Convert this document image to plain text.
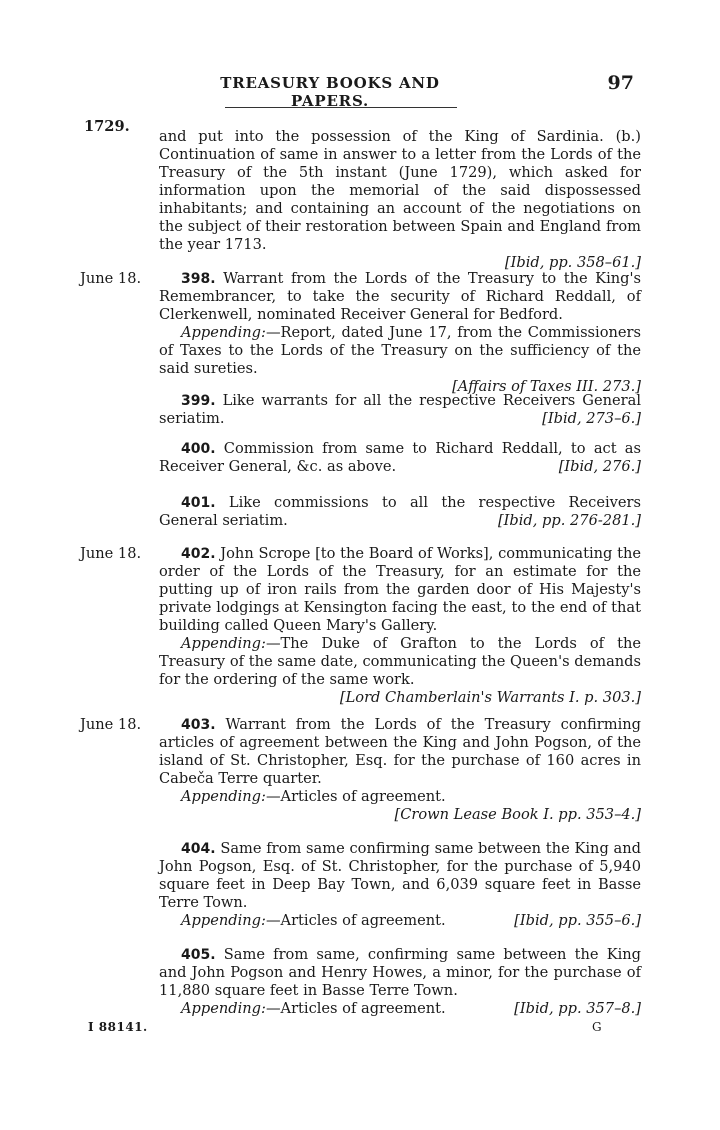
TREASURY BOOKS AND PAPERS.
97
1729.

and put into the possession of the King of Sardinia. (b.) Continuation of same in answer to a letter from the Lords of the Treasury of the 5th instant (June 1729), which asked for information upon the memorial of the said dispossessed inhabitants; and containing an account of the negotiations on the subject of their restoration between Spain and England from the year 1713.

[Ibid, pp. 358–61.]
June 18.	398. Warrant from the Lords of the Treasury to the King's Remembrancer, to take the security of Richard Reddall, of Clerkenwell, nominated Receiver General for Bedford.

Appending:—Report, dated June 17, from the Commissioners of Taxes to the Lords of the Treasury on the sufficiency of the said sureties.

[Affairs of Taxes III. 273.]

399. Like warrants for all the respective Receivers General seriatim.	[Ibid, 273–6.]

400. Commission from same to Richard Reddall, to act as Receiver General, &c. as above.	[Ibid, 276.]

401. Like commissions to all the respective Receivers General seriatim.	[Ibid, pp. 276-281.]
June 18.	402. John Scrope [to the Board of Works], communicating the order of the Lords of the Treasury, for an estimate for the putting up of iron rails from the garden door of His Majesty's private lodgings at Kensington facing the east, to the end of that building called Queen Mary's Gallery.

Appending:—The Duke of Grafton to the Lords of the Treasury of the same date, communicating the Queen's demands for the ordering of the same work.

[Lord Chamberlain's Warrants I. p. 303.]
June 18.	403. Warrant from the Lords of the Treasury confirming articles of agreement between the King and John Pogson, of the island of St. Christopher, Esq. for the purchase of 160 acres in Cabeča Terre quarter.

Appending:—Articles of agreement.

[Crown Lease Book I. pp. 353–4.]

404. Same from same confirming same between the King and John Pogson, Esq. of St. Christopher, for the purchase of 5,940 square feet in Deep Bay Town, and 6,039 square feet in Basse Terre Town.

Appending:—Articles of agreement.	[Ibid, pp. 355–6.]

405. Same from same, confirming same between the King and John Pogson and Henry Howes, a minor, for the purchase of 11,880 square feet in Basse Terre Town.

Appending:—Articles of agreement.	[Ibid, pp. 357–8.]
I 88141.	G
